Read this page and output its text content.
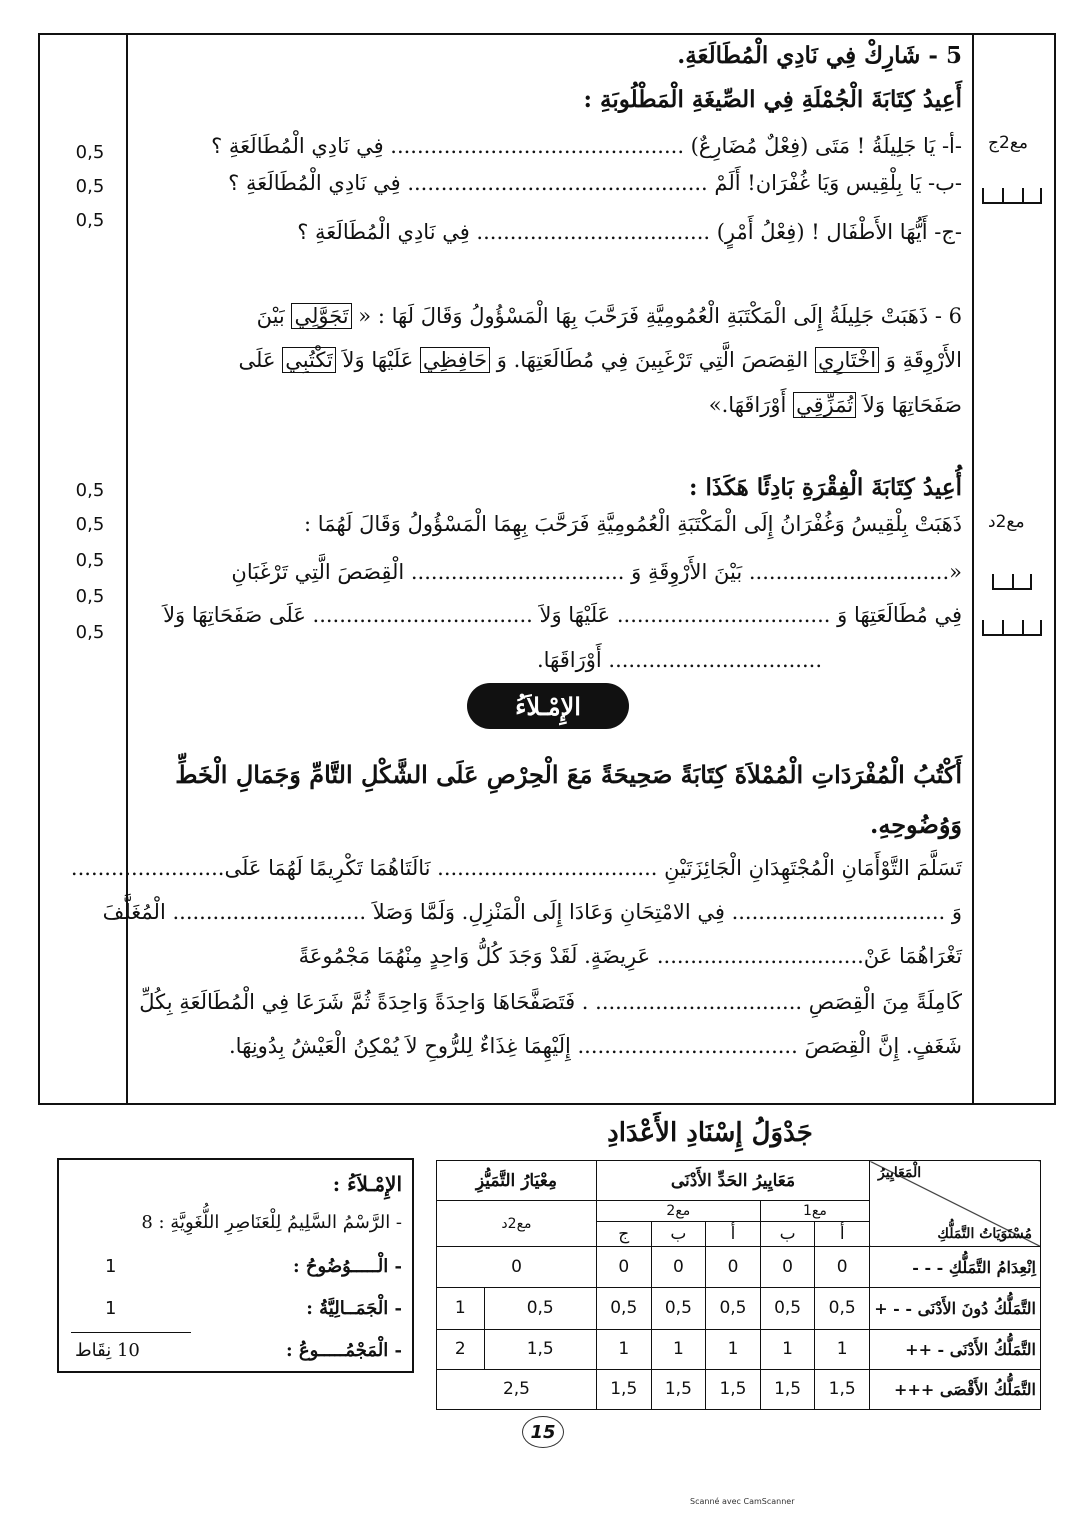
5 - شَارِكْ فِي نَادِي الْمُطَالَعَةِ.
أَعِيدُ كِتَابَةَ الْجُمْلَةِ فِي الصِّيغَةِ الْمَطْلُوبَةِ :
-أ- يَا جَلِيلَةُ ! مَتَى (فِعْلٌ مُضَارِعٌ) ............................................ فِي نَادِي الْمُطَالَعَةِ ؟
-ب- يَا بِلْقِيس وَيَا غُفْرَان! أَلَمْ ............................................. فِي نَادِي الْمُطَالَعَةِ ؟
-ج- أَيُّهَا الأَطْفَال ! (فِعْلُ أَمْرٍ) ................................... فِي نَادِي الْمُطَالَعَةِ ؟
0,5
0,5
0,5
مع2ج
6 - ذَهَبَتْ جَلِيلَةُ إِلَى الْمَكْتَبَةِ الْعُمُومِيَّةِ فَرَحَّبَ بِهَا الْمَسْؤُولُ وَقَالَ لَهَا : « تَجَوَّلِي بَيْنَ
الأَرْوِقَةِ وَ اخْتَارِي القِصَصَ الَّتِي تَرْغَبِينَ فِي مُطَالَعَتِهَا. وَ حَافِظِي عَلَيْهَا وَلاَ تَكْتُبِي عَلَى
صَفَحَاتِهَا وَلاَ تُمَزِّقِي أَوْرَاقَهَا.»
أُعِيدُ كِتَابَةَ الْفِقْرَةِ بَادِئًا هَكَذَا :
ذَهَبَتْ بِلْقِيسُ وَغُفْرَانُ إِلَى الْمَكْتَبَةِ الْعُمُومِيَّةِ فَرَحَّبَ بِهِمَا الْمَسْؤُولُ وَقَالَ لَهُمَا :
«.............................. بَيْنَ الأَرْوِقَةِ وَ ................................ الْقِصَصَ الَّتِي تَرْغَبَانِ
فِي مُطَالَعَتِهَا وَ ................................ عَلَيْهَا وَلاَ ................................. عَلَى صَفَحَاتِهَا وَلاَ
................................ أَوْرَاقَهَا.
0,5
0,5
0,5
0,5
0,5
مع2د
الإِمْـلاَءُ
أَكْتُبُ الْمُفْرَدَاتِ الْمُمْلاَةَ كِتَابَةً صَحِيحَةً مَعَ الْحِرْصِ عَلَى الشَّكْلِ التَّامِّ وَجَمَالِ الْخَطِّ
وَوُضُوحِهِ.
تَسَلَّمَ التَّوْأَمَانِ الْمُجْتَهِدَانِ الْجَائِزَتَيْنِ ................................. نَالَتَاهُمَا تَكْرِيمًا لَهُمَا عَلَى.......................
وَ ................................ فِي الامْتِحَانِ وَعَادَا إِلَى الْمَنْزِلِ. وَلَمَّا وَصَلاَ ............................. الْمُغَلَّفَ
تَغْرَاهُمَا عَنْ............................... عَرِيضَةٍ. لَقَدْ وَجَدَ كُلُّ وَاحِدٍ مِنْهُمَا مَجْمُوعَةً
كَامِلَةً مِنَ الْقِصَصِ ............................... . فَتَصَفَّحَاهَا وَاحِدَةً وَاحِدَةً ثُمَّ شَرَعَا فِي الْمُطَالَعَةِ بِكُلِّ
شَغَفٍ. إِنَّ الْقِصَصَ ................................. إِلَيْهِمَا غِذَاءٌ لِلرُّوحِ لاَ يُمْكِنُ الْعَيْشُ بِدُونِهَا.
جَدْوَلُ إِسْنَادِ الأَعْدَادِ
الْمَعَايِيرُ
مُسْتَوَيَاتُ التَّمَلُّكِ	مَعَايِيرُ الحَدِّ الأَدْنَى					مِعْيَارُ التَّمَيُّزِ	
	مع1		مع2			مع2د	
	أ	ب	أ	ب	ج		
اِنْعِدَامُ التَّمَلُّكِ - - -	0	0	0	0	0	0	
التَّمَلُّكُ دُونَ الأَدْنَى - - +	0,5	0,5	0,5	0,5	0,5	0,5	1
التَّمَلُّكُ الأَدْنَى - ++	1	1	1	1	1	1,5	2
التَّمَلُّكُ الأَقْصَى +++	1,5	1,5	1,5	1,5	1,5	2,5	
الإِمْـلاَءُ :
- الرَّسْمُ السَّلِيمُ لِلْعَنَاصِرِ اللُّغَوِيَّةِ : 8
- الْـــــوُضُوحُ :
1
- الْجَمَــالِيَّةُ :
1
- الْمَجْمُـــــوعُ :
10 نِقَاط
15
Scanné avec CamScanner
